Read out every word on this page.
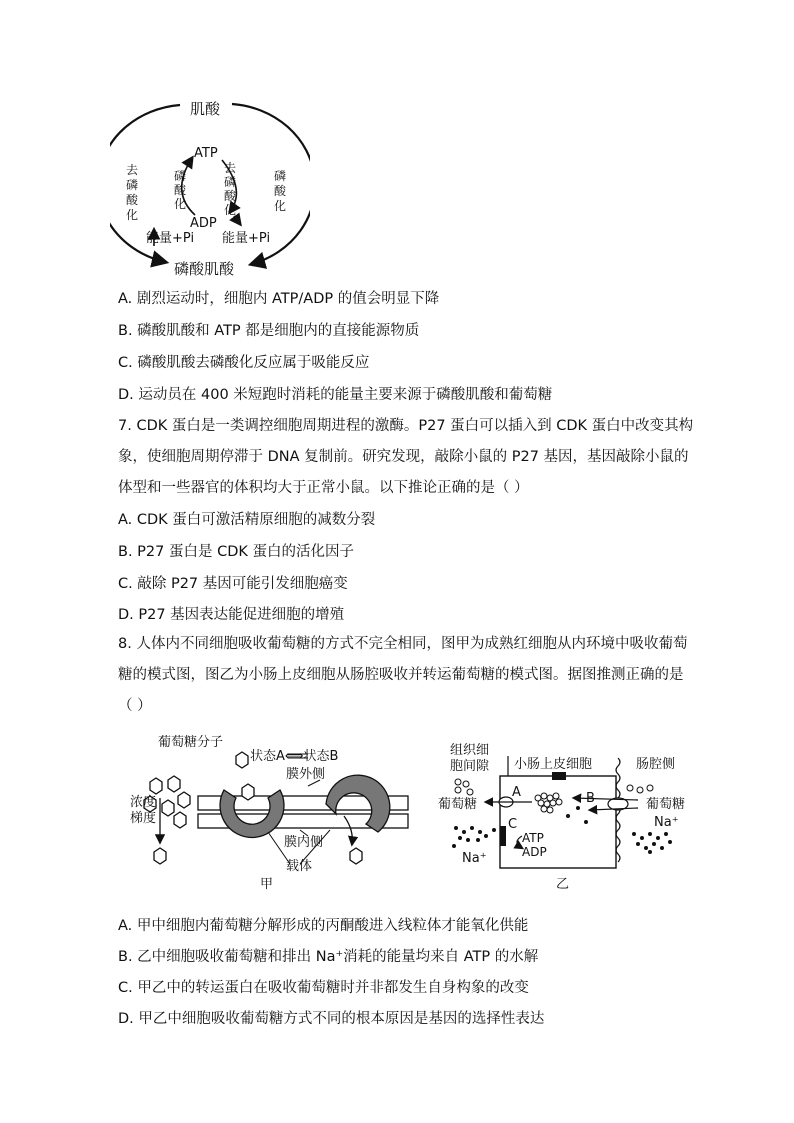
肌酸
ATP
ADP
能量+Pi 能量+Pi
磷酸肌酸
去
磷
酸
化
磷
酸
化
磷
酸
化
去
磷
酸
化
A. 剧烈运动时，细胞内 ATP/ADP 的值会明显下降
B. 磷酸肌酸和 ATP 都是细胞内的直接能源物质
C. 磷酸肌酸去磷酸化反应属于吸能反应
D. 运动员在 400 米短跑时消耗的能量主要来源于磷酸肌酸和葡萄糖
7. CDK 蛋白是一类调控细胞周期进程的激酶。P27 蛋白可以插入到 CDK 蛋白中改变其构
象，使细胞周期停滞于 DNA 复制前。研究发现，敲除小鼠的 P27 基因，基因敲除小鼠的
体型和一些器官的体积均大于正常小鼠。以下推论正确的是（ ）
A. CDK 蛋白可激活精原细胞的减数分裂
B. P27 蛋白是 CDK 蛋白的活化因子
C. 敲除 P27 基因可能引发细胞癌变
D. P27 基因表达能促进细胞的增殖
8. 人体内不同细胞吸收葡萄糖的方式不完全相同，图甲为成熟红细胞从内环境中吸收葡萄
糖的模式图，图乙为小肠上皮细胞从肠腔吸收并转运葡萄糖的模式图。据图推测正确的是
（ ）
葡萄糖分子
状态A⟺状态B
膜外侧
浓度
梯度
膜内侧
载体
甲
组织细
胞间隙 小肠上皮细胞	肠腔侧
葡萄糖	葡萄糖
A	B
C
ATP
ADP
Na⁺
Na⁺
乙
A. 甲中细胞内葡萄糖分解形成的丙酮酸进入线粒体才能氧化供能
B. 乙中细胞吸收葡萄糖和排出 Na⁺消耗的能量均来自 ATP 的水解
C. 甲乙中的转运蛋白在吸收葡萄糖时并非都发生自身构象的改变
D. 甲乙中细胞吸收葡萄糖方式不同的根本原因是基因的选择性表达
